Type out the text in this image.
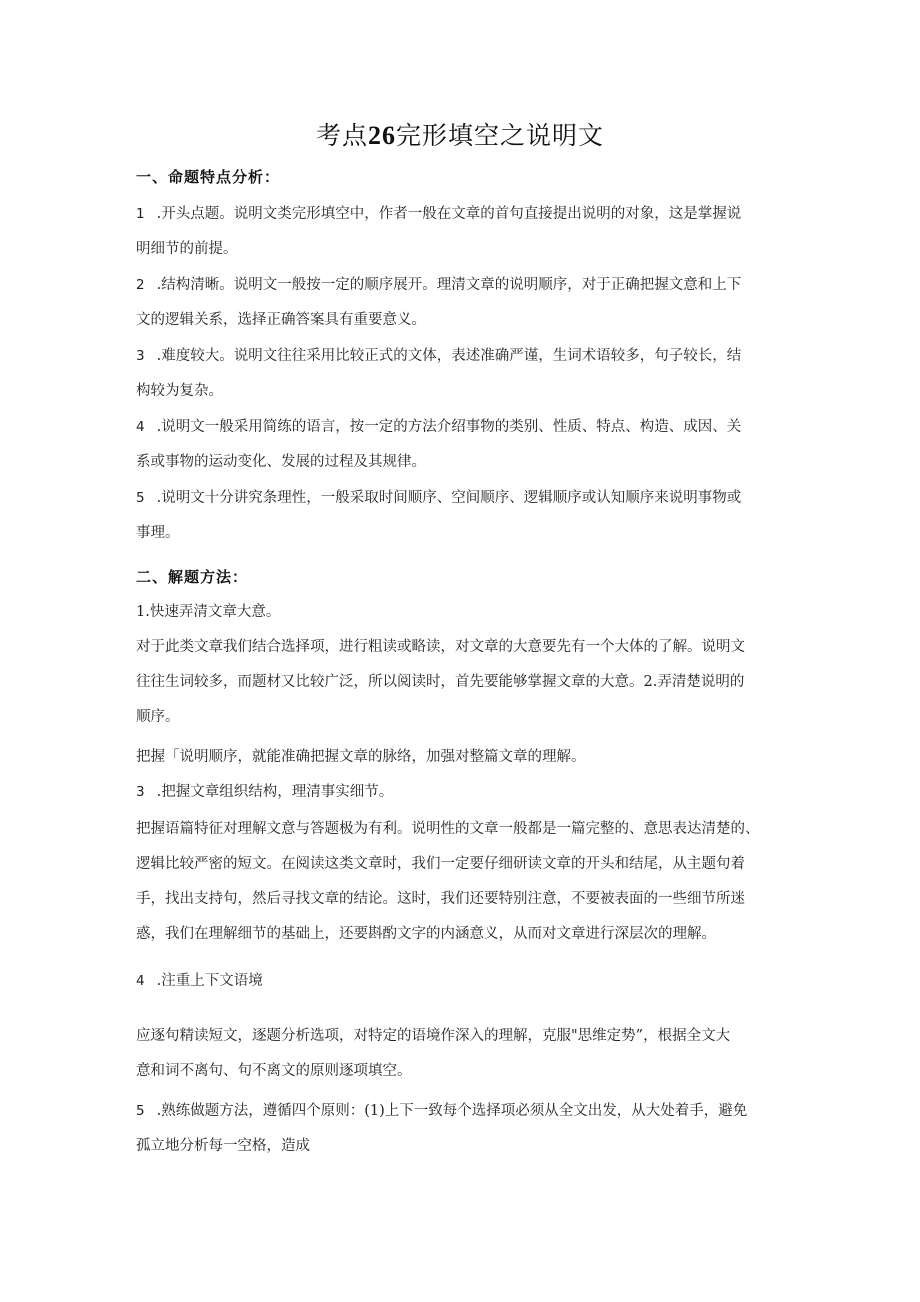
考点26完形填空之说明文
一、命题特点分析：
1 .开头点题。说明文类完形填空中，作者一般在文章的首句直接提出说明的对象，这是掌握说
明细节的前提。
2 .结构清晰。说明文一般按一定的顺序展开。理清文章的说明顺序，对于正确把握文意和上下
文的逻辑关系，选择正确答案具有重要意义。
3 .难度较大。说明文往往采用比较正式的文体，表述准确严谨，生词术语较多，句子较长，结
构较为复杂。
4 .说明文一般采用简练的语言，按一定的方法介绍事物的类别、性质、特点、构造、成因、关
系或事物的运动变化、发展的过程及其规律。
5 .说明文十分讲究条理性，一般采取时间顺序、空间顺序、逻辑顺序或认知顺序来说明事物或
事理。
二、解题方法：
1.快速弄清文章大意。
对于此类文章我们结合选择项，进行粗读或略读，对文章的大意要先有一个大体的了解。说明文
往往生词较多，而题材又比较广泛，所以阅读时，首先要能够掌握文章的大意。2.弄清楚说明的
顺序。
把握「说明顺序，就能准确把握文章的脉络，加强对整篇文章的理解。
3 .把握文章组织结构，理清事实细节。
把握语篇特征对理解文意与答题极为有利。说明性的文章一般都是一篇完整的、意思表达清楚的、
逻辑比较严密的短文。在阅读这类文章时，我们一定要仔细研读文章的开头和结尾，从主题句着
手，找出支持句，然后寻找文章的结论。这时，我们还要特别注意，不要被表面的一些细节所迷
惑，我们在理解细节的基础上，还要斟酌文字的内涵意义，从而对文章进行深层次的理解。
4 .注重上下文语境
应逐句精读短文，逐题分析选项，对特定的语境作深入的理解，克服"思维定势”，根据全文大
意和词不离句、句不离文的原则逐项填空。
5 .熟练做题方法，遵循四个原则：(1)上下一致每个选择项必须从全文出发，从大处着手，避免
孤立地分析每一空格，造成
